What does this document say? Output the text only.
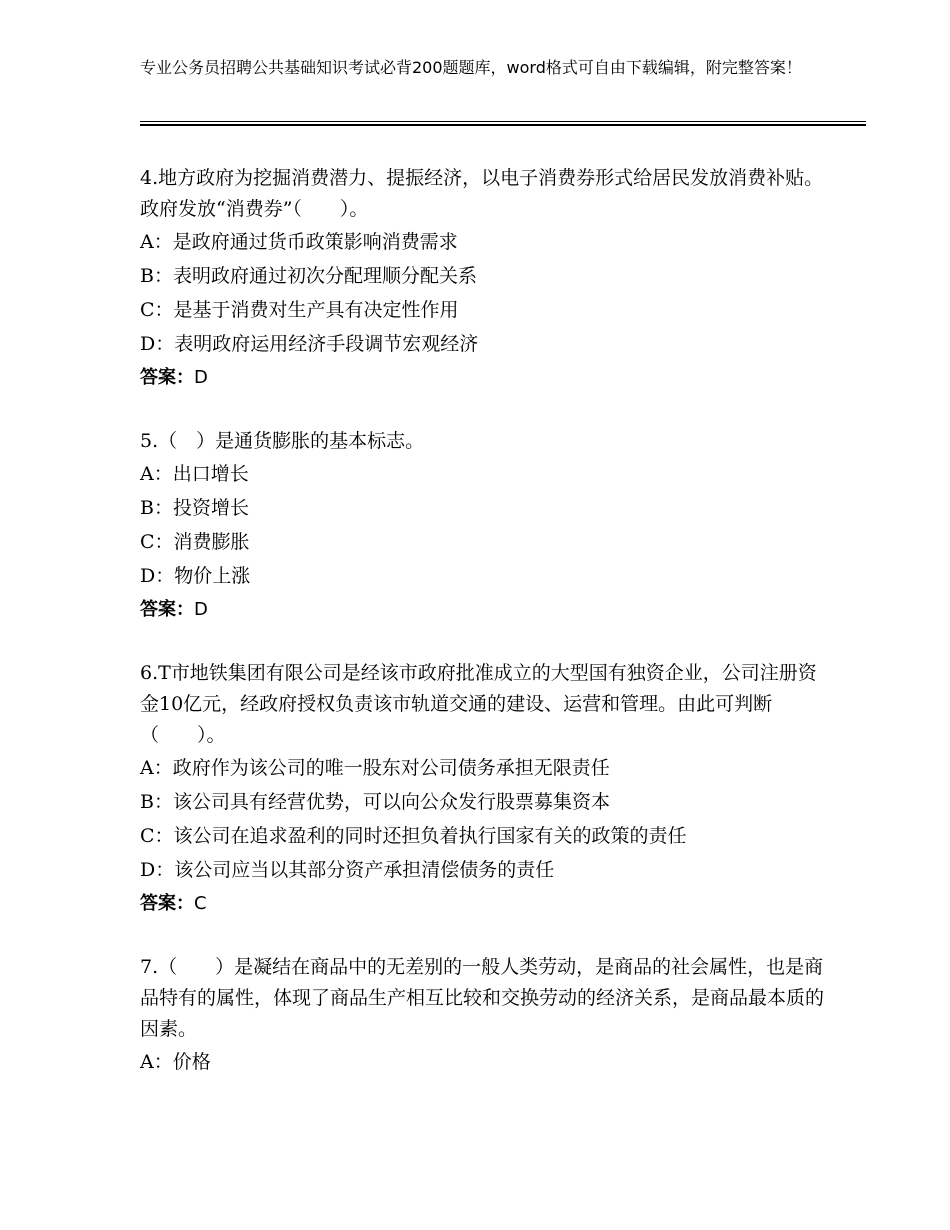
专业公务员招聘公共基础知识考试必背200题题库，word格式可自由下载编辑，附完整答案！

4.地方政府为挖掘消费潜力、提振经济，以电子消费券形式给居民发放消费补贴。政府发放“消费券”（　　）。

A：是政府通过货币政策影响消费需求

B：表明政府通过初次分配理顺分配关系

C：是基于消费对生产具有决定性作用

D：表明政府运用经济手段调节宏观经济

答案：D

5.（　）是通货膨胀的基本标志。

A：出口增长

B：投资增长

C：消费膨胀

D：物价上涨

答案：D

6.T市地铁集团有限公司是经该市政府批准成立的大型国有独资企业，公司注册资金10亿元，经政府授权负责该市轨道交通的建设、运营和管理。由此可判断（　　）。

A：政府作为该公司的唯一股东对公司债务承担无限责任

B：该公司具有经营优势，可以向公众发行股票募集资本

C：该公司在追求盈利的同时还担负着执行国家有关的政策的责任

D：该公司应当以其部分资产承担清偿债务的责任

答案：C

7.（　　）是凝结在商品中的无差别的一般人类劳动，是商品的社会属性，也是商品特有的属性，体现了商品生产相互比较和交换劳动的经济关系，是商品最本质的因素。

A：价格
